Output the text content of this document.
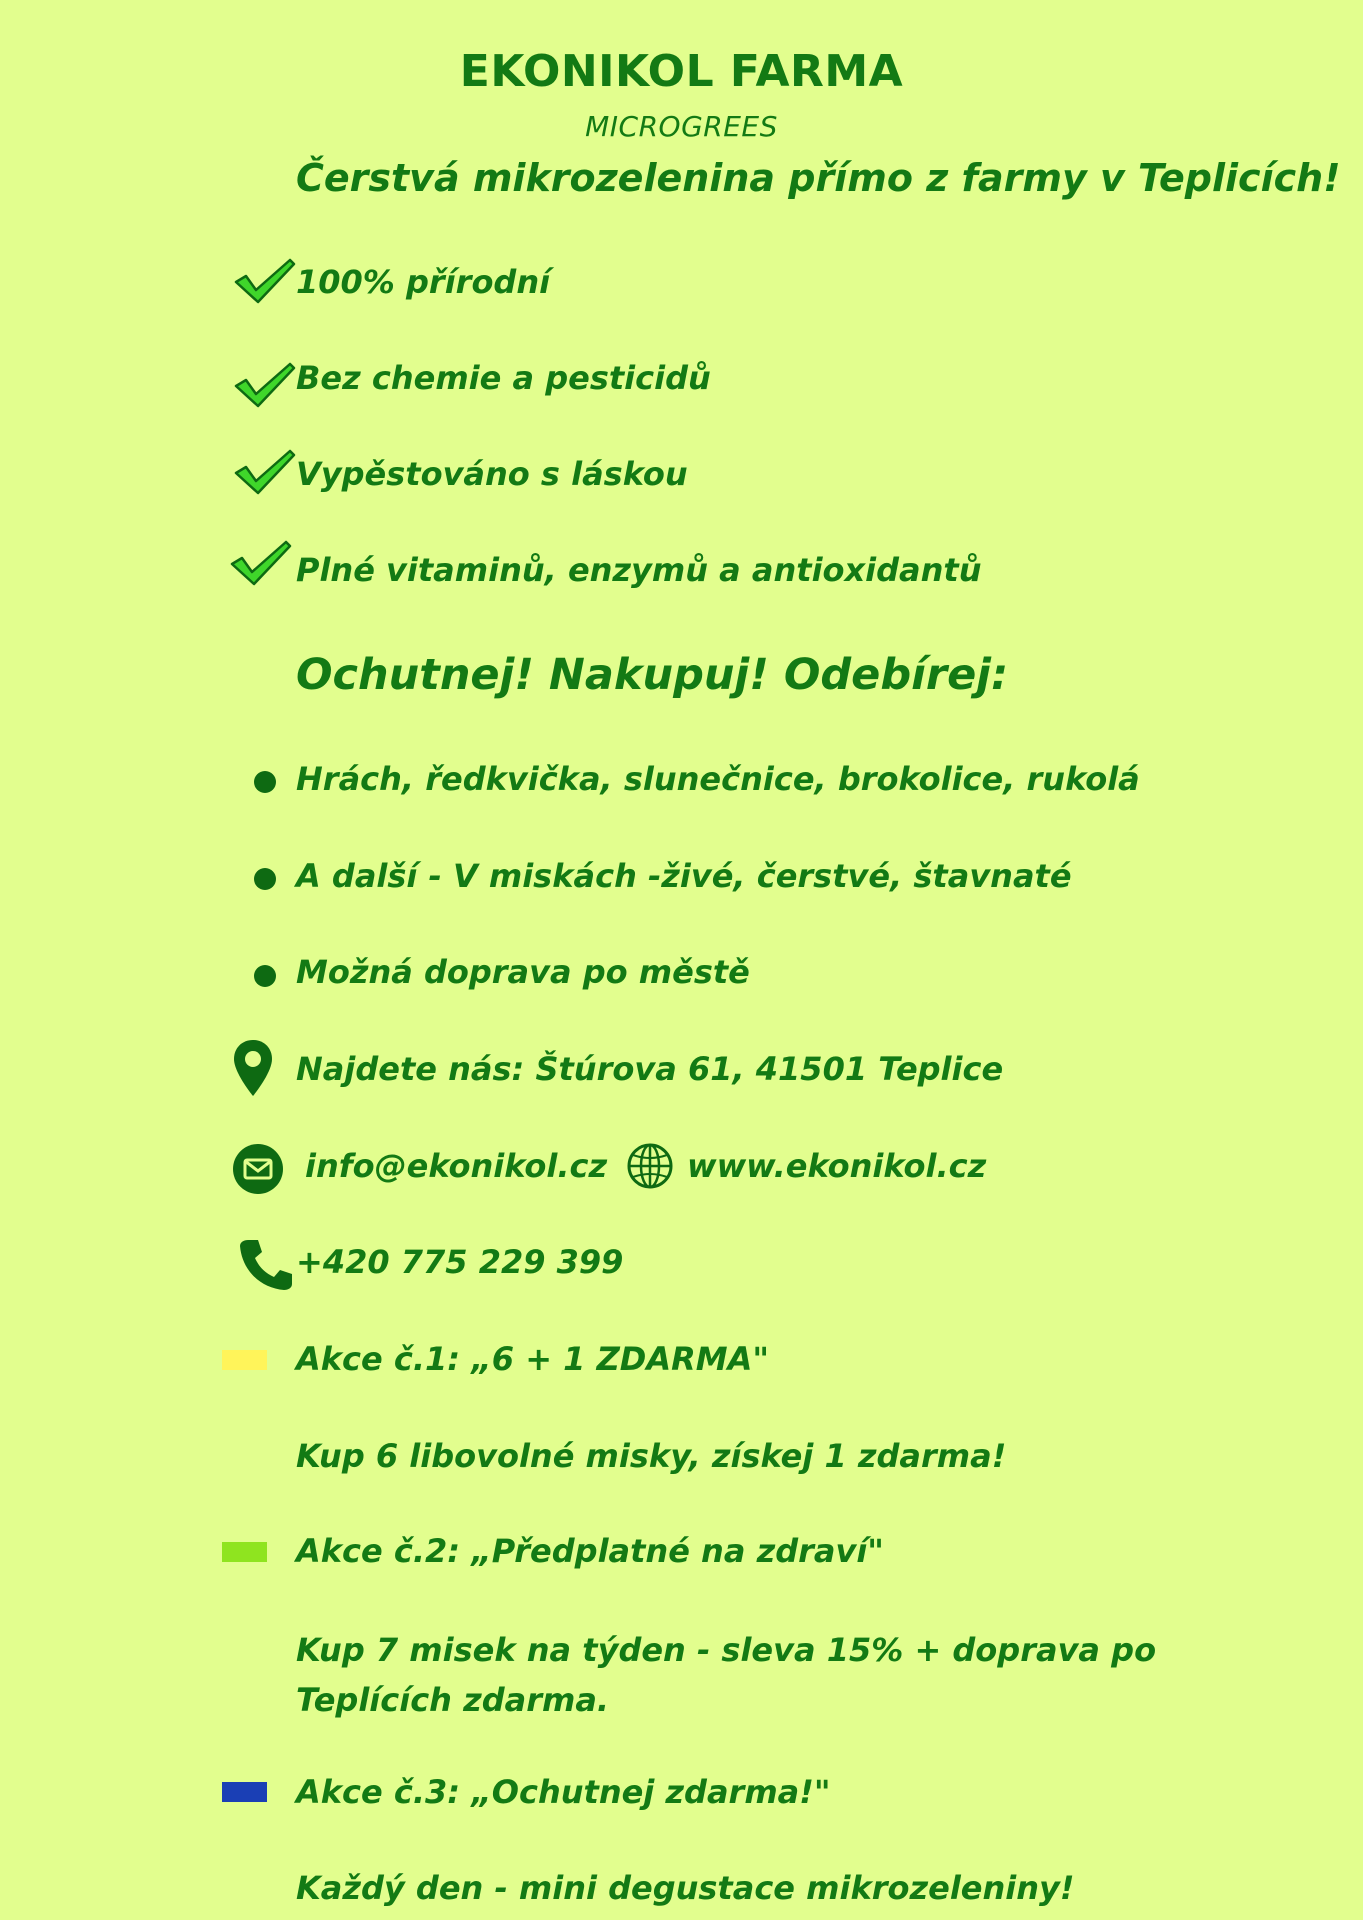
EKONIKOL FARMA
MICROGREES
Čerstvá mikrozelenina přímo z farmy v Teplicích!
100% přírodní
Bez chemie a pesticidů
Vypěstováno s láskou
Plné vitaminů, enzymů a antioxidantů
Ochutnej! Nakupuj! Odebírej:
Hrách, ředkvička, slunečnice, brokolice, rukolá
A další - V miskách -živé, čerstvé, štavnaté
Možná doprava po městě
Najdete nás: Štúrova 61, 41501 Teplice
info@ekonikol.cz www.ekonikol.cz
+420 775 229 399
Akce č.1: „6 + 1 ZDARMA"
Kup 6 libovolné misky, získej 1 zdarma!
Akce č.2: „Předplatné na zdraví"
Kup 7 misek na týden - sleva 15% + doprava po Teplících zdarma.
Akce č.3: „Ochutnej zdarma!"
Každý den - mini degustace mikrozeleniny!
